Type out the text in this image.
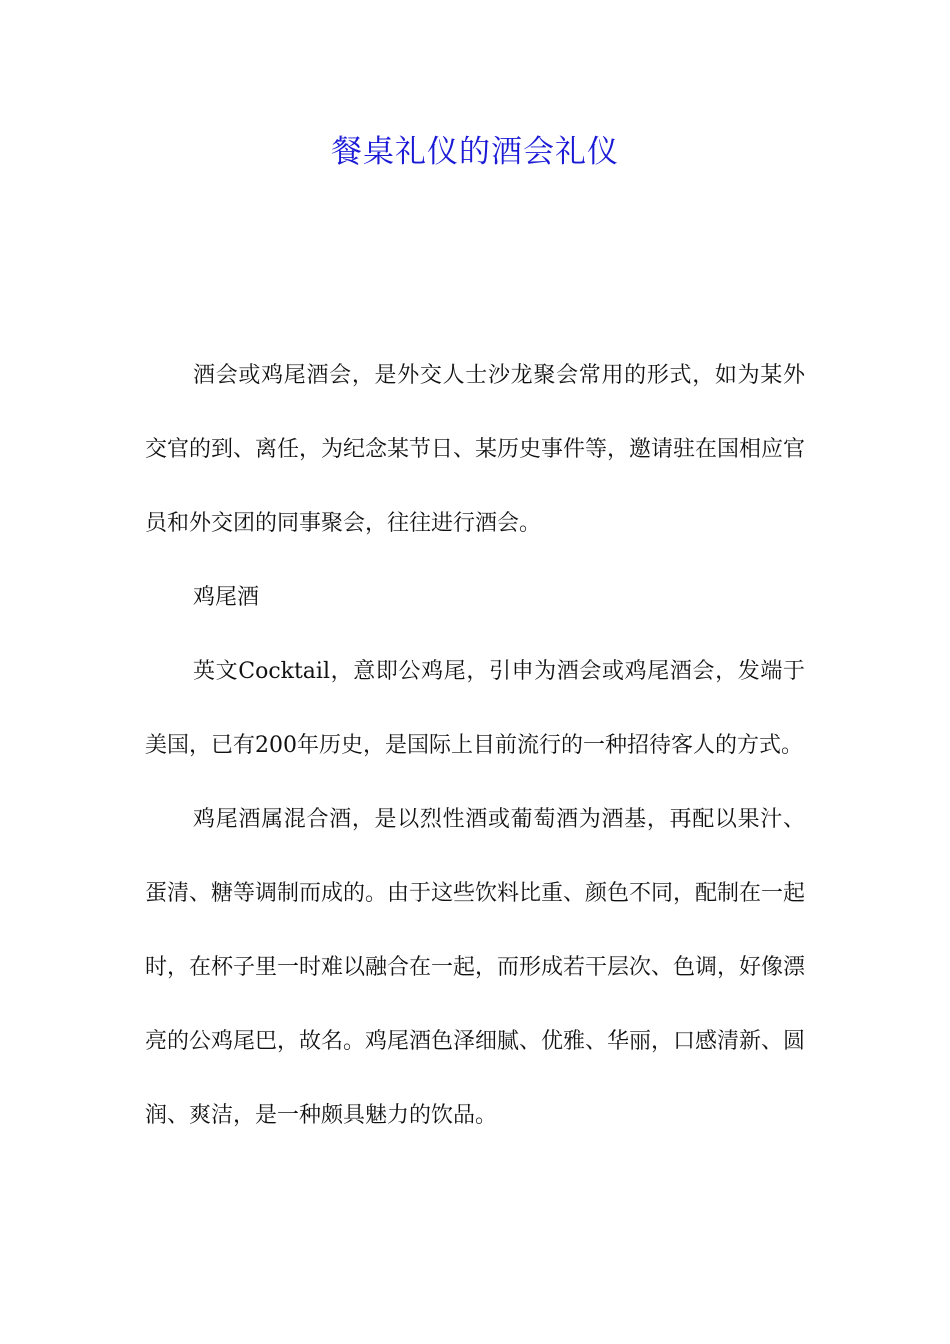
餐桌礼仪的酒会礼仪

酒会或鸡尾酒会，是外交人士沙龙聚会常用的形式，如为某外交官的到、离任，为纪念某节日、某历史事件等，邀请驻在国相应官员和外交团的同事聚会，往往进行酒会。

鸡尾酒

英文Cocktail，意即公鸡尾，引申为酒会或鸡尾酒会，发端于美国，已有200年历史，是国际上目前流行的一种招待客人的方式。

鸡尾酒属混合酒，是以烈性酒或葡萄酒为酒基，再配以果汁、蛋清、糖等调制而成的。由于这些饮料比重、颜色不同，配制在一起时，在杯子里一时难以融合在一起，而形成若干层次、色调，好像漂亮的公鸡尾巴，故名。鸡尾酒色泽细腻、优雅、华丽，口感清新、圆润、爽洁，是一种颇具魅力的饮品。
